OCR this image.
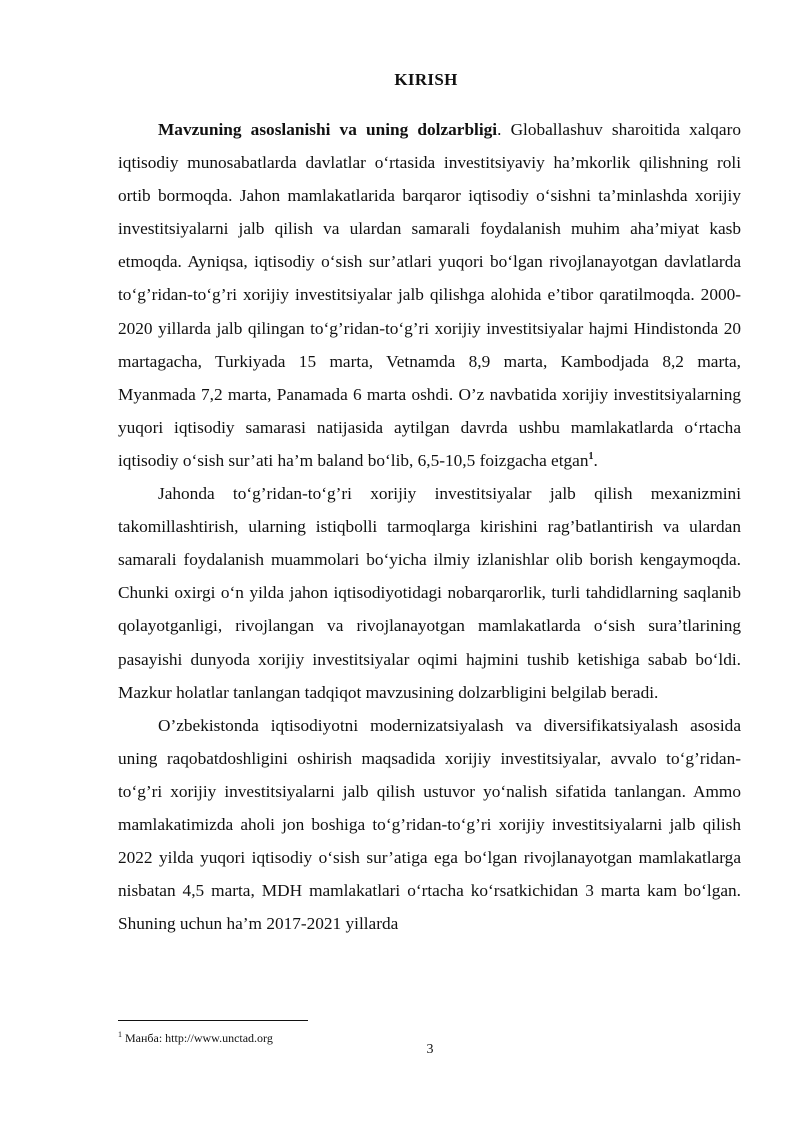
KIRISH

Mavzuning asoslanishi va uning dolzarbligi. Globallashuv sharoitida xalqaro iqtisodiy munosabatlarda davlatlar o‘rtasida investitsiyaviy ha’mkorlik qilishning roli ortib bormoqda. Jahon mamlakatlarida barqaror iqtisodiy o‘sishni ta’minlashda xorijiy investitsiyalarni jalb qilish va ulardan samarali foydalanish muhim aha’miyat kasb etmoqda. Ayniqsa, iqtisodiy o‘sish sur’atlari yuqori bo‘lgan rivojlanayotgan davlatlarda to‘g’ridan-to‘g’ri xorijiy investitsiyalar jalb qilishga alohida e’tibor qaratilmoqda. 2000-2020 yillarda jalb qilingan to‘g’ridan-to‘g’ri xorijiy investitsiyalar hajmi Hindistonda 20 martagacha, Turkiyada 15 marta, Vetnamda 8,9 marta, Kambodjada 8,2 marta, Myanmada 7,2 marta, Panamada 6 marta oshdi. O’z navbatida xorijiy investitsiyalarning yuqori iqtisodiy samarasi natijasida aytilgan davrda ushbu mamlakatlarda o‘rtacha iqtisodiy o‘sish sur’ati ha’m baland bo‘lib, 6,5-10,5 foizgacha etgan$^1$.

Jahonda to‘g’ridan-to‘g’ri xorijiy investitsiyalar jalb qilish mexanizmini takomillashtirish, ularning istiqbolli tarmoqlarga kirishini rag’batlantirish va ulardan samarali foydalanish muammolari bo‘yicha ilmiy izlanishlar olib borish kengaymoqda. Chunki oxirgi o‘n yilda jahon iqtisodiyotidagi nobarqarorlik, turli tahdidlarning saqlanib qolayotganligi, rivojlangan va rivojlanayotgan mamlakatlarda o‘sish sura’tlarining pasayishi dunyoda xorijiy investitsiyalar oqimi hajmini tushib ketishiga sabab bo‘ldi. Mazkur holatlar tanlangan tadqiqot mavzusining dolzarbligini belgilab beradi.

O’zbekistonda iqtisodiyotni modernizatsiyalash va diversifikatsiyalash asosida uning raqobatdoshligini oshirish maqsadida xorijiy investitsiyalar, avvalo to‘g’ridan-to‘g’ri xorijiy investitsiyalarni jalb qilish ustuvor yo‘nalish sifatida tanlangan. Ammo mamlakatimizda aholi jon boshiga to‘g’ridan-to‘g’ri xorijiy investitsiyalarni jalb qilish 2022 yilda yuqori iqtisodiy o‘sish sur’atiga ega bo‘lgan rivojlanayotgan mamlakatlarga nisbatan 4,5 marta, MDH mamlakatlari o‘rtacha ko‘rsatkichidan 3 marta kam bo‘lgan. Shuning uchun ha’m 2017-2021 yillarda

$^1$ Манба: http://www.unctad.org
3
